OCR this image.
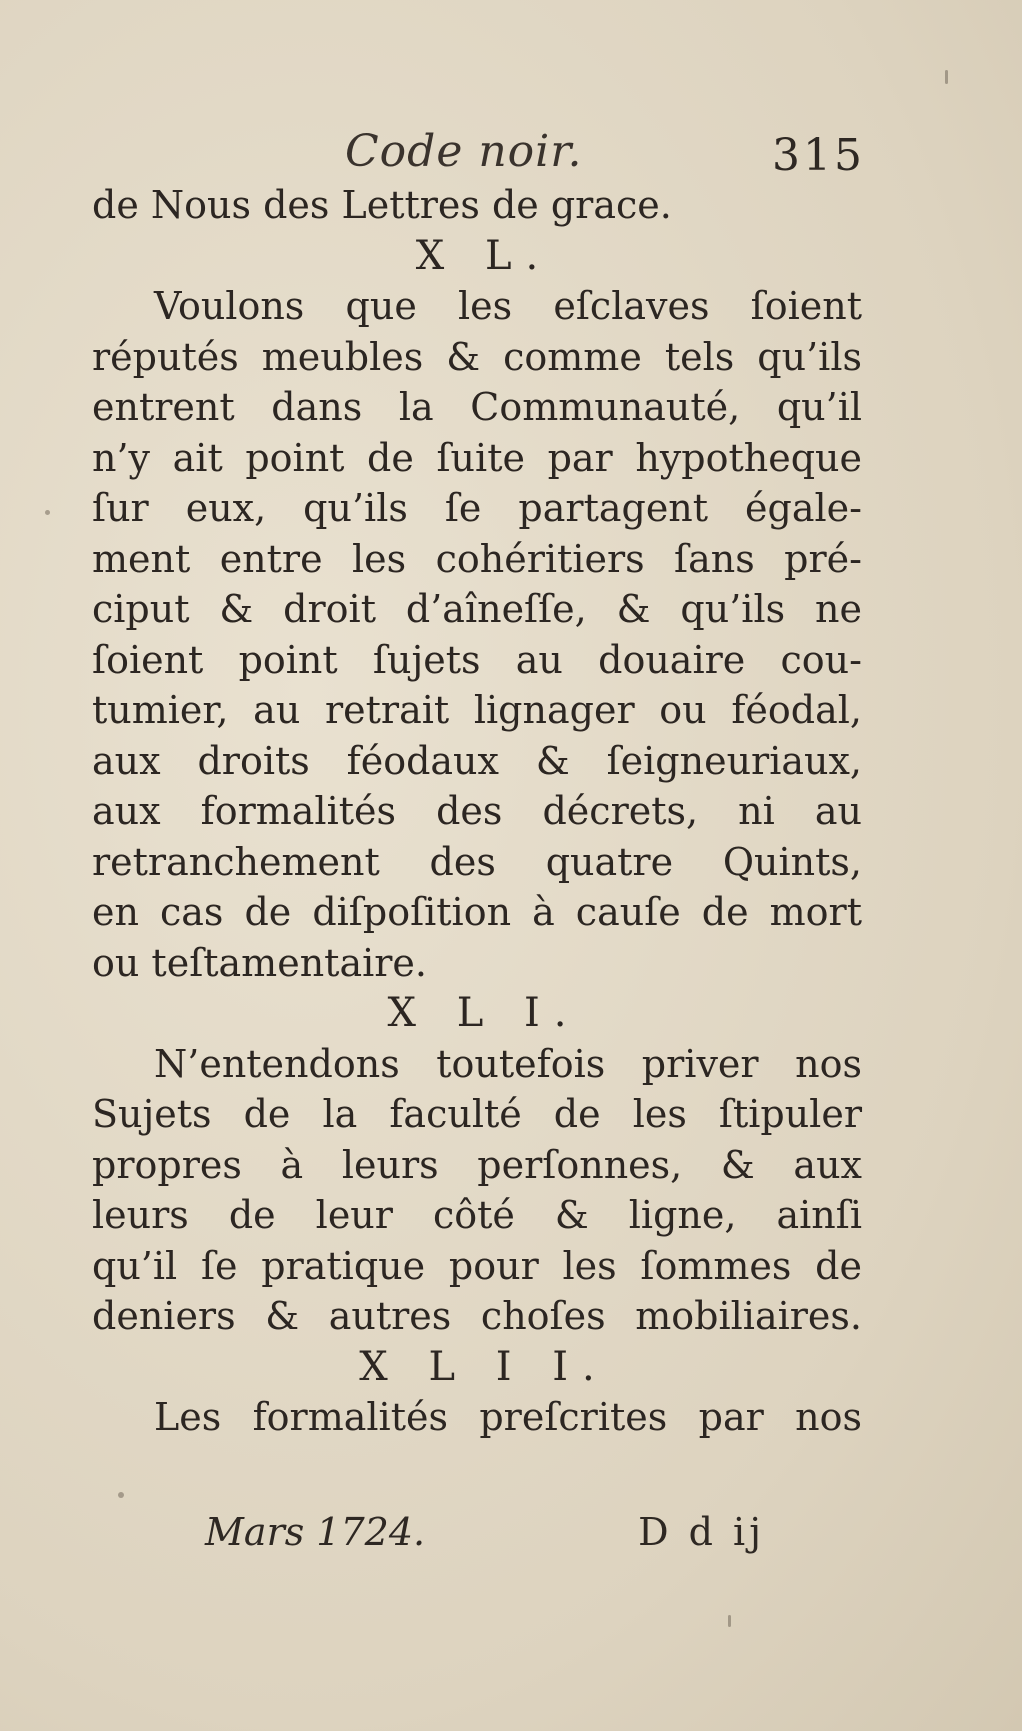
Code noir.	315
de Nous des Lettres de grace.
X L.
Voulons que les eſclaves ſoient
réputés meubles & comme tels qu’ils
entrent dans la Communauté, qu’il
n’y ait point de ſuite par hypotheque
ſur eux, qu’ils ſe partagent égale-
ment entre les cohéritiers ſans pré-
ciput & droit d’aîneſſe, & qu’ils ne
ſoient point ſujets au douaire cou-
tumier, au retrait lignager ou féodal,
aux droits féodaux & ſeigneuriaux,
aux formalités des décrets, ni au
retranchement des quatre Quints,
en cas de diſpoſition à cauſe de mort
ou teſtamentaire.
X L I.
N’entendons toutefois priver nos
Sujets de la faculté de les ſtipuler
propres à leurs perſonnes, & aux
leurs de leur côté & ligne, ainſi
qu’il ſe pratique pour les ſommes de
deniers & autres choſes mobiliaires.
X L I I.
Les formalités preſcrites par nos
Mars 1724.	D d ij
